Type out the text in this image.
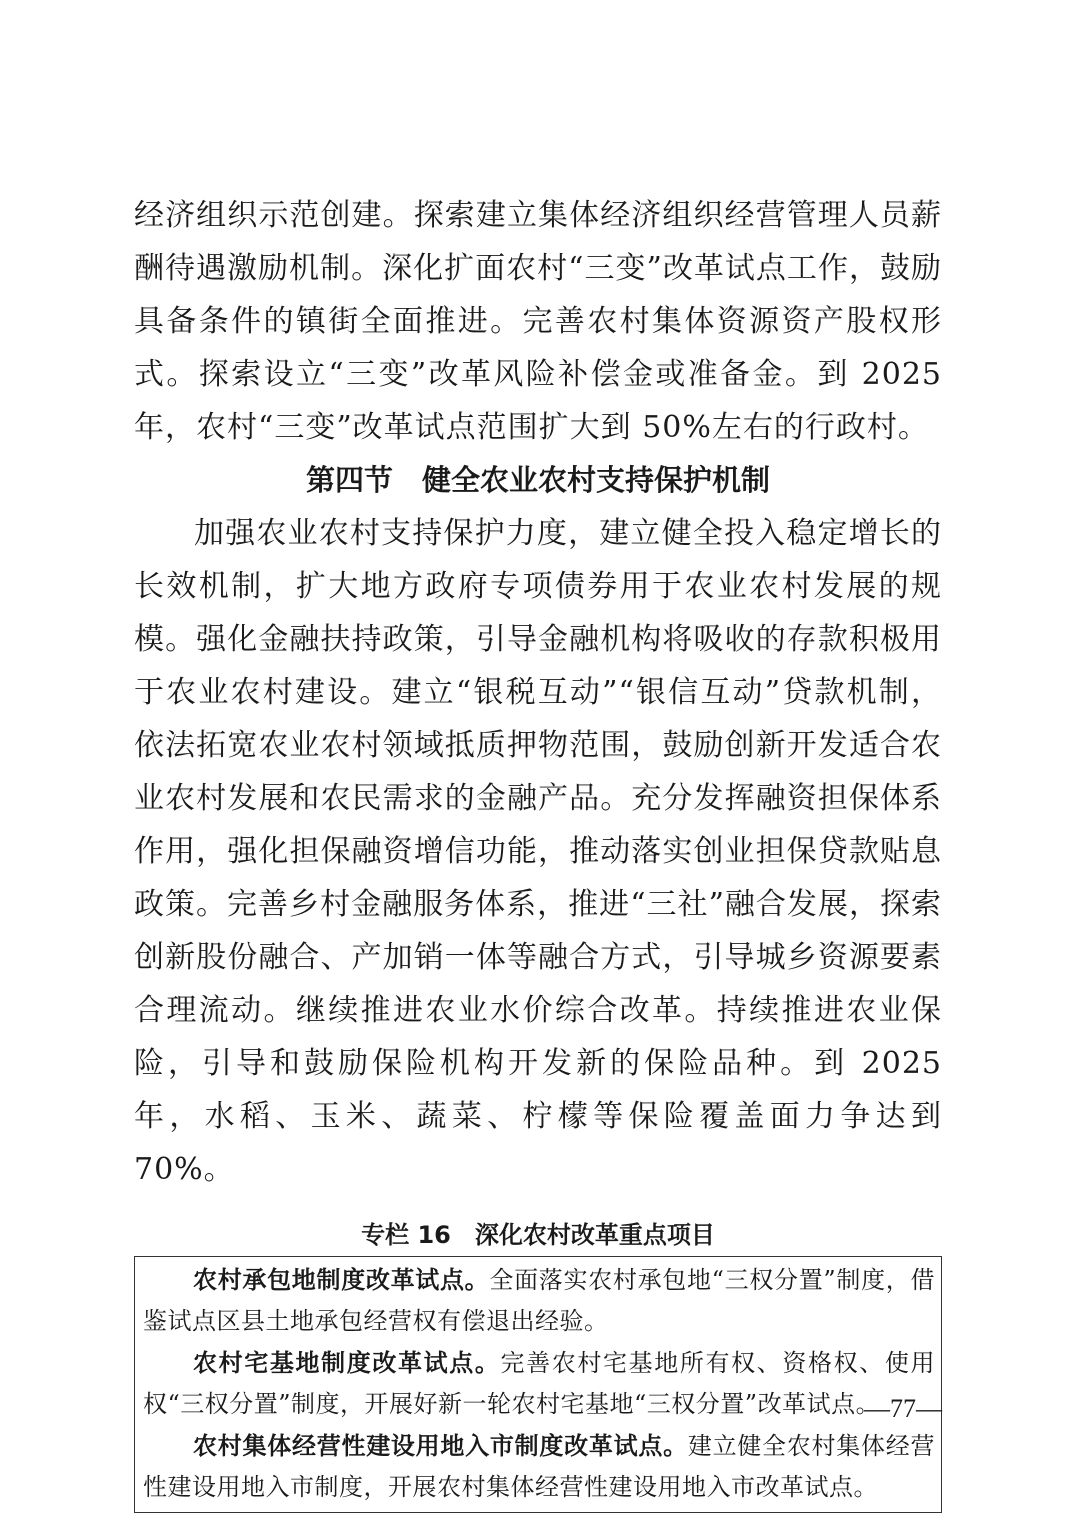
经济组织示范创建。探索建立集体经济组织经营管理人员薪酬待遇激励机制。深化扩面农村“三变”改革试点工作，鼓励具备条件的镇街全面推进。完善农村集体资源资产股权形式。探索设立“三变”改革风险补偿金或准备金。到 2025 年，农村“三变”改革试点范围扩大到 50%左右的行政村。

第四节　健全农业农村支持保护机制

加强农业农村支持保护力度，建立健全投入稳定增长的长效机制，扩大地方政府专项债券用于农业农村发展的规模。强化金融扶持政策，引导金融机构将吸收的存款积极用于农业农村建设。建立“银税互动”“银信互动”贷款机制，依法拓宽农业农村领域抵质押物范围，鼓励创新开发适合农业农村发展和农民需求的金融产品。充分发挥融资担保体系作用，强化担保融资增信功能，推动落实创业担保贷款贴息政策。完善乡村金融服务体系，推进“三社”融合发展，探索创新股份融合、产加销一体等融合方式，引导城乡资源要素合理流动。继续推进农业水价综合改革。持续推进农业保险，引导和鼓励保险机构开发新的保险品种。到 2025 年，水稻、玉米、蔬菜、柠檬等保险覆盖面力争达到 70%。

专栏 16　深化农村改革重点项目

农村承包地制度改革试点。全面落实农村承包地“三权分置”制度，借鉴试点区县土地承包经营权有偿退出经验。

农村宅基地制度改革试点。完善农村宅基地所有权、资格权、使用权“三权分置”制度，开展好新一轮农村宅基地“三权分置”改革试点。

农村集体经营性建设用地入市制度改革试点。建立健全农村集体经营性建设用地入市制度，开展农村集体经营性建设用地入市改革试点。

—77—
